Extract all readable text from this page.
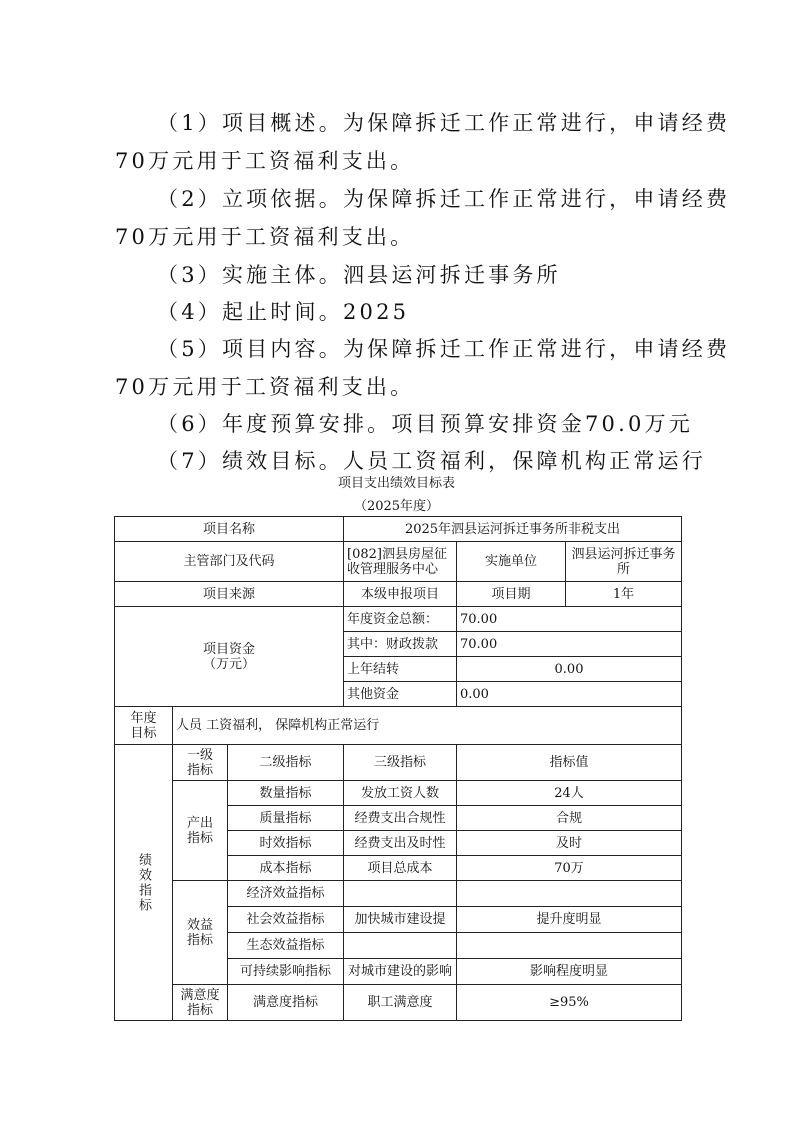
（1）项目概述。为保障拆迁工作正常进行，申请经费
70万元用于工资福利支出。
（2）立项依据。为保障拆迁工作正常进行，申请经费
70万元用于工资福利支出。
（3）实施主体。泗县运河拆迁事务所
（4）起止时间。2025
（5）项目内容。为保障拆迁工作正常进行，申请经费
70万元用于工资福利支出。
（6）年度预算安排。项目预算安排资金70.0万元
（7）绩效目标。人员工资福利，保障机构正常运行
项目支出绩效目标表
（2025年度）
项目名称			2025年泗县运河拆迁事务所非税支出		
主管部门及代码			[082]泗县房屋征收管理服务中心	实施单位	泗县运河拆迁事务所
项目来源			本级申报项目	项目期	1年

项目资金（万元）			年度资金总额：	70.00	
			其中：财政拨款	70.00	
			上年结转	0.00	
			其他资金	0.00	

年度目标	人员 工资福利， 保障机构正常运行				

绩效指标	一级指标	二级指标	三级指标	指标值	

	产出指标	数量指标	发放工资人数	24人	
		质量指标	经费支出合规性	合规	
		时效指标	经费支出及时性	及时	
		成本指标	项目总成本	70万	

	效益指标	经济效益指标			
		社会效益指标	加快城市建设提	提升度明显	
		生态效益指标			
		可持续影响指标	对城市建设的影响	影响程度明显	

	满意度指标	满意度指标	职工满意度	≥95%	
